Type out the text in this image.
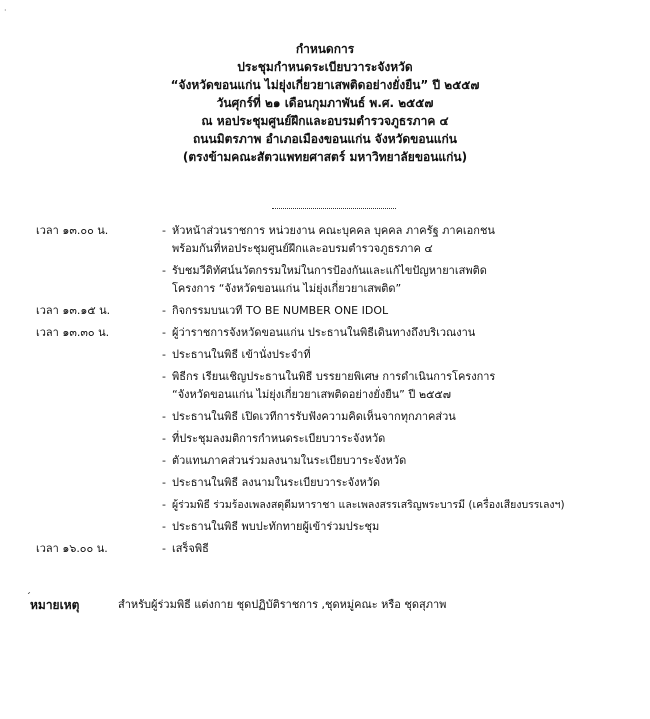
·
กำหนดการ
ประชุมกำหนดระเบียบวาระจังหวัด
“จังหวัดขอนแก่น ไม่ยุ่งเกี่ยวยาเสพติดอย่างยั่งยืน” ปี ๒๕๕๗
วันศุกร์ที่ ๒๑ เดือนกุมภาพันธ์ พ.ศ. ๒๕๕๗
ณ หอประชุมศูนย์ฝึกและอบรมตำรวจภูธรภาค ๔
ถนนมิตรภาพ อำเภอเมืองขอนแก่น จังหวัดขอนแก่น
(ตรงข้ามคณะสัตวแพทยศาสตร์ มหาวิทยาลัยขอนแก่น)
เวลา ๑๓.๐๐ น.	- หัวหน้าส่วนราชการ หน่วยงาน คณะบุคคล บุคคล ภาครัฐ ภาคเอกชน
พร้อมกันที่หอประชุมศูนย์ฝึกและอบรมตำรวจภูธรภาค ๔
- รับชมวีดิทัศน์นวัตกรรมใหม่ในการป้องกันและแก้ไขปัญหายาเสพติด
โครงการ “จังหวัดขอนแก่น ไม่ยุ่งเกี่ยวยาเสพติด”
เวลา ๑๓.๑๕ น.	- กิจกรรมบนเวที TO BE NUMBER ONE IDOL
เวลา ๑๓.๓๐ น.	- ผู้ว่าราชการจังหวัดขอนแก่น ประธานในพิธีเดินทางถึงบริเวณงาน
- ประธานในพิธี เข้านั่งประจำที่
- พิธีกร เรียนเชิญประธานในพิธี บรรยายพิเศษ การดำเนินการโครงการ
“จังหวัดขอนแก่น ไม่ยุ่งเกี่ยวยาเสพติดอย่างยั่งยืน” ปี ๒๕๕๗
- ประธานในพิธี เปิดเวทีการรับฟังความคิดเห็นจากทุกภาคส่วน
- ที่ประชุมลงมติการกำหนดระเบียบวาระจังหวัด
- ตัวแทนภาคส่วนร่วมลงนามในระเบียบวาระจังหวัด
- ประธานในพิธี ลงนามในระเบียบวาระจังหวัด
- ผู้ร่วมพิธี ร่วมร้องเพลงสดุดีมหาราชา และเพลงสรรเสริญพระบารมี (เครื่องเสียงบรรเลงฯ)
- ประธานในพิธี พบปะทักทายผู้เข้าร่วมประชุม
เวลา ๑๖.๐๐ น.	- เสร็จพิธี
´
หมายเหตุ	สำหรับผู้ร่วมพิธี แต่งกาย ชุดปฏิบัติราชการ ,ชุดหมู่คณะ หรือ ชุดสุภาพ
